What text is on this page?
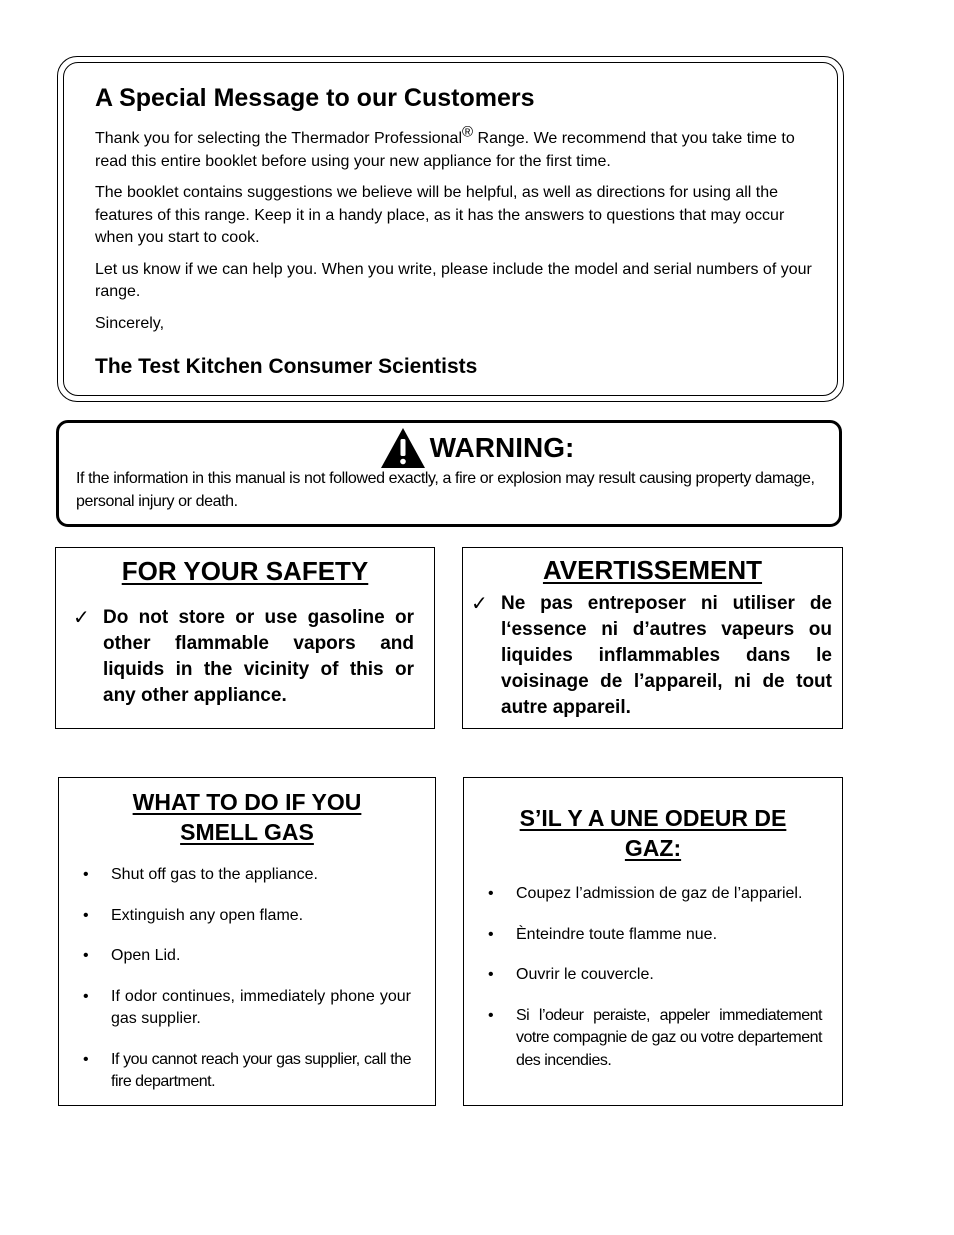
A Special Message to our Customers

Thank you for selecting the Thermador Professional® Range. We recommend that you take time to read this entire booklet before using your new appliance for the first time.

The booklet contains suggestions we believe will be helpful, as well as directions for using all the features of this range. Keep it in a handy place, as it has the answers to questions that may occur when you start to cook.

Let us know if we can help you. When you write, please include the model and serial numbers of your range.

Sincerely,

The Test Kitchen Consumer Scientists
WARNING:
If the information in this manual is not followed exactly, a fire or explosion may result causing property damage, personal injury or death.
FOR YOUR SAFETY
✓ Do not store or use gasoline or other flammable vapors and liquids in the vicinity of this or any other appliance.
AVERTISSEMENT
✓ Ne pas entreposer ni utiliser de l‘essence ni d’autres vapeurs ou liquides inflammables dans le voisinage de l’appareil, ni de tout autre appareil.
WHAT TO DO IF YOU
SMELL GAS
•	Shut off gas to the appliance.
•	Extinguish any open flame.
•	Open Lid.
•	If odor continues, immediately phone your gas supplier.
•	If you cannot reach your gas supplier, call the fire department.
S’IL Y A UNE ODEUR DE
GAZ:
•	Coupez l’admission de gaz de l’appariel.
•	Ènteindre toute flamme nue.
•	Ouvrir le couvercle.
•	Si l’odeur peraiste, appeler immediatement votre compagnie de gaz ou votre departement des incendies.
